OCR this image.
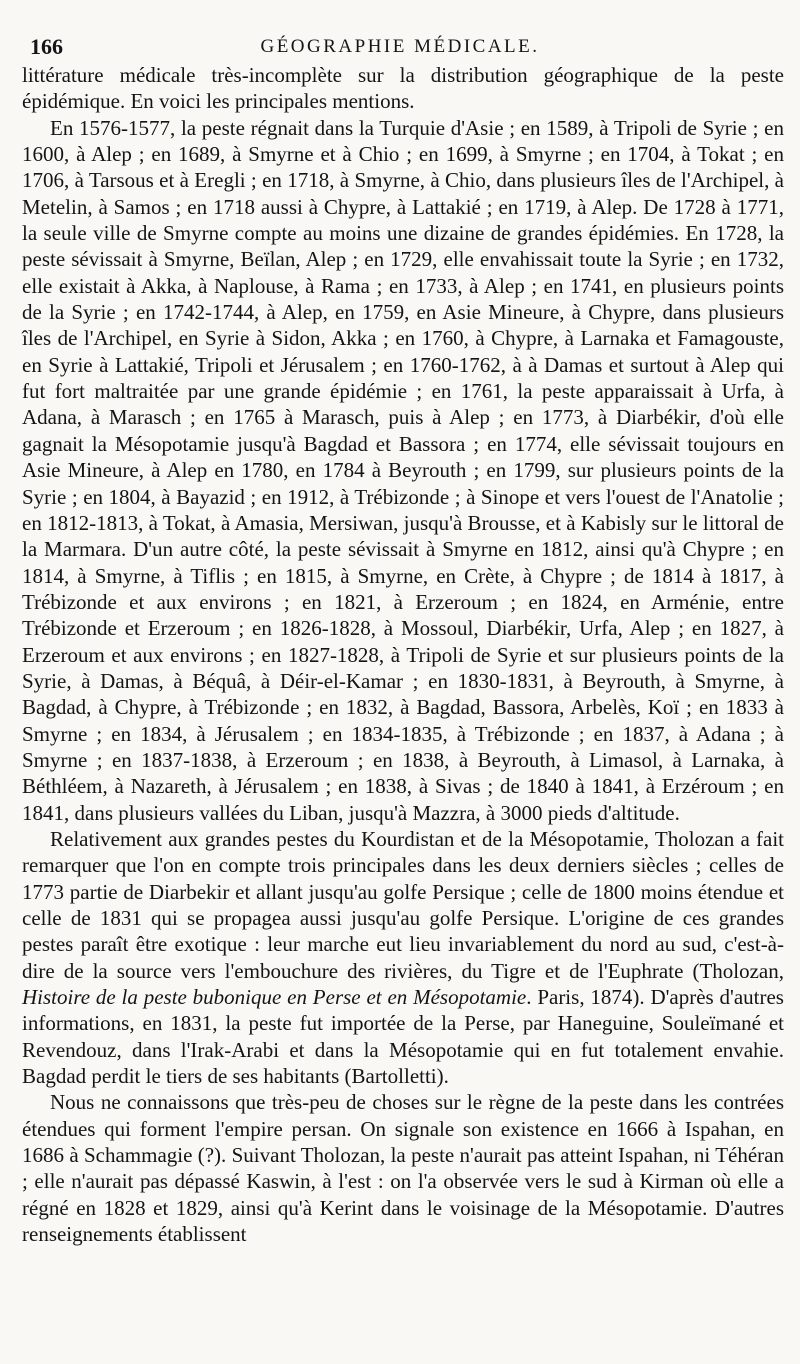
166	GÉOGRAPHIE MÉDICALE.

littérature médicale très-incomplète sur la distribution géographique de la peste épidémique. En voici les principales mentions.

En 1576-1577, la peste régnait dans la Turquie d'Asie ; en 1589, à Tripoli de Syrie ; en 1600, à Alep ; en 1689, à Smyrne et à Chio ; en 1699, à Smyrne ; en 1704, à Tokat ; en 1706, à Tarsous et à Eregli ; en 1718, à Smyrne, à Chio, dans plusieurs îles de l'Archipel, à Metelin, à Samos ; en 1718 aussi à Chypre, à Lattakié ; en 1719, à Alep. De 1728 à 1771, la seule ville de Smyrne compte au moins une dizaine de grandes épidémies. En 1728, la peste sévissait à Smyrne, Beïlan, Alep ; en 1729, elle envahissait toute la Syrie ; en 1732, elle existait à Akka, à Naplouse, à Rama ; en 1733, à Alep ; en 1741, en plusieurs points de la Syrie ; en 1742-1744, à Alep, en 1759, en Asie Mineure, à Chypre, dans plusieurs îles de l'Archipel, en Syrie à Sidon, Akka ; en 1760, à Chypre, à Larnaka et Famagouste, en Syrie à Lattakié, Tripoli et Jérusalem ; en 1760-1762, à à Damas et surtout à Alep qui fut fort maltraitée par une grande épidémie ; en 1761, la peste apparaissait à Urfa, à Adana, à Marasch ; en 1765 à Marasch, puis à Alep ; en 1773, à Diarbékir, d'où elle gagnait la Mésopotamie jusqu'à Bagdad et Bassora ; en 1774, elle sévissait toujours en Asie Mineure, à Alep en 1780, en 1784 à Beyrouth ; en 1799, sur plusieurs points de la Syrie ; en 1804, à Bayazid ; en 1912, à Trébizonde ; à Sinope et vers l'ouest de l'Anatolie ; en 1812-1813, à Tokat, à Amasia, Mersiwan, jusqu'à Brousse, et à Kabisly sur le littoral de la Marmara. D'un autre côté, la peste sévissait à Smyrne en 1812, ainsi qu'à Chypre ; en 1814, à Smyrne, à Tiflis ; en 1815, à Smyrne, en Crète, à Chypre ; de 1814 à 1817, à Trébizonde et aux environs ; en 1821, à Erzeroum ; en 1824, en Arménie, entre Trébizonde et Erzeroum ; en 1826-1828, à Mossoul, Diarbékir, Urfa, Alep ; en 1827, à Erzeroum et aux environs ; en 1827-1828, à Tripoli de Syrie et sur plusieurs points de la Syrie, à Damas, à Béquâ, à Déir-el-Kamar ; en 1830-1831, à Beyrouth, à Smyrne, à Bagdad, à Chypre, à Trébizonde ; en 1832, à Bagdad, Bassora, Arbelès, Koï ; en 1833 à Smyrne ; en 1834, à Jérusalem ; en 1834-1835, à Trébizonde ; en 1837, à Adana ; à Smyrne ; en 1837-1838, à Erzeroum ; en 1838, à Beyrouth, à Limasol, à Larnaka, à Béthléem, à Nazareth, à Jérusalem ; en 1838, à Sivas ; de 1840 à 1841, à Erzéroum ; en 1841, dans plusieurs vallées du Liban, jusqu'à Mazzra, à 3000 pieds d'altitude.

Relativement aux grandes pestes du Kourdistan et de la Mésopotamie, Tholozan a fait remarquer que l'on en compte trois principales dans les deux derniers siècles ; celles de 1773 partie de Diarbekir et allant jusqu'au golfe Persique ; celle de 1800 moins étendue et celle de 1831 qui se propagea aussi jusqu'au golfe Persique. L'origine de ces grandes pestes paraît être exotique : leur marche eut lieu invariablement du nord au sud, c'est-à-dire de la source vers l'embouchure des rivières, du Tigre et de l'Euphrate (Tholozan, Histoire de la peste bubonique en Perse et en Mésopotamie. Paris, 1874). D'après d'autres informations, en 1831, la peste fut importée de la Perse, par Haneguine, Souleïmané et Revendouz, dans l'Irak-Arabi et dans la Mésopotamie qui en fut totalement envahie. Bagdad perdit le tiers de ses habitants (Bartolletti).

Nous ne connaissons que très-peu de choses sur le règne de la peste dans les contrées étendues qui forment l'empire persan. On signale son existence en 1666 à Ispahan, en 1686 à Schammagie (?). Suivant Tholozan, la peste n'aurait pas atteint Ispahan, ni Téhéran ; elle n'aurait pas dépassé Kaswin, à l'est : on l'a observée vers le sud à Kirman où elle a régné en 1828 et 1829, ainsi qu'à Kerint dans le voisinage de la Mésopotamie. D'autres renseignements établissent
